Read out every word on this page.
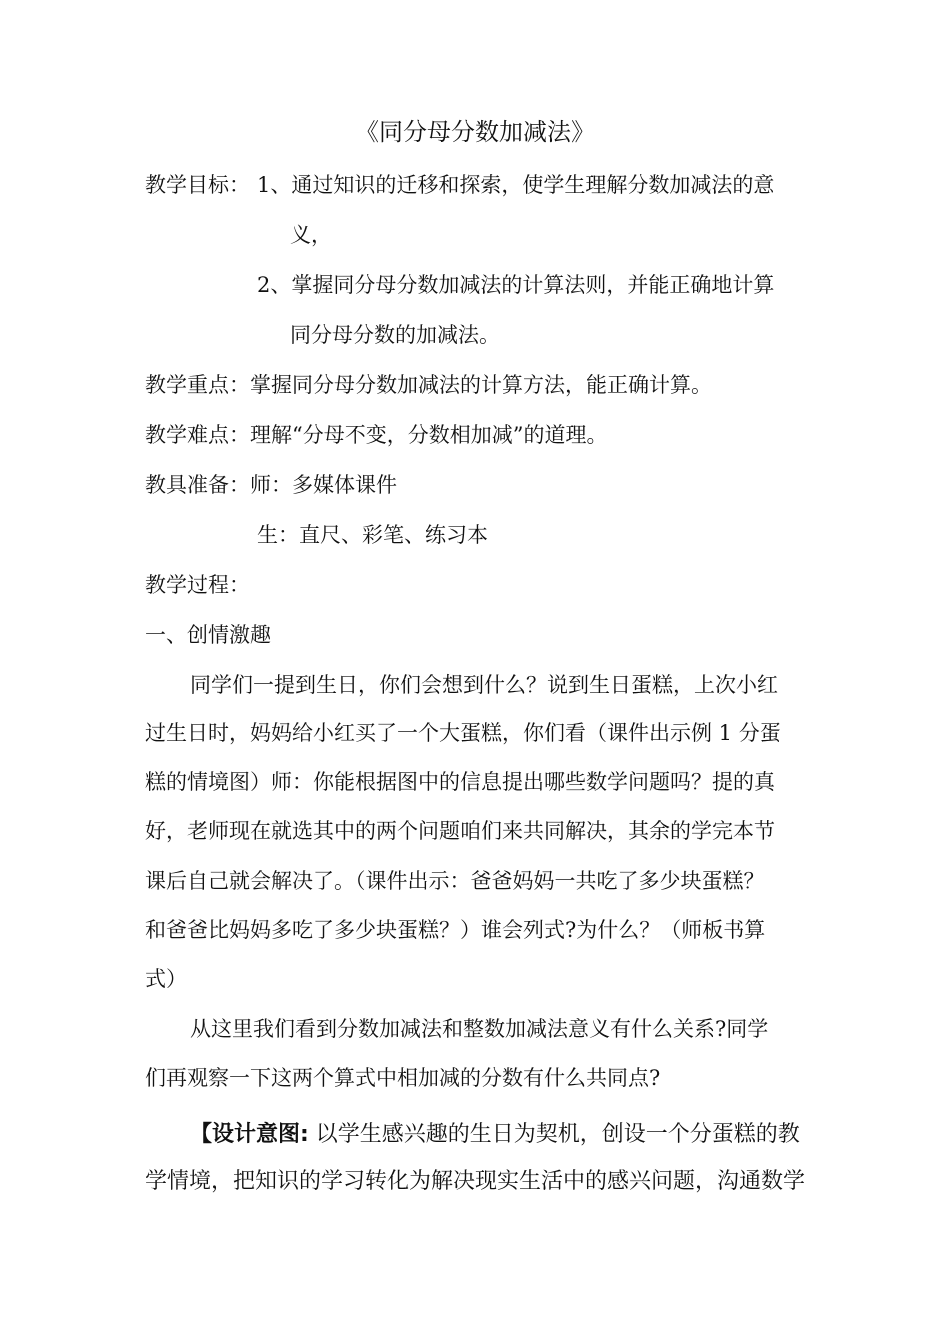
《同分母分数加减法》
教学目标： 1、通过知识的迁移和探索，使学生理解分数加减法的意
义，
2、掌握同分母分数加减法的计算法则，并能正确地计算
同分母分数的加减法。
教学重点：掌握同分母分数加减法的计算方法，能正确计算。
教学难点：理解“分母不变，分数相加减”的道理。
教具准备：师：多媒体课件
生：直尺、彩笔、练习本
教学过程：
一、创情激趣
同学们一提到生日，你们会想到什么？说到生日蛋糕，上次小红
过生日时，妈妈给小红买了一个大蛋糕，你们看（课件出示例 1 分蛋
糕的情境图）师：你能根据图中的信息提出哪些数学问题吗？提的真
好，老师现在就选其中的两个问题咱们来共同解决，其余的学完本节
课后自己就会解决了。（课件出示：爸爸妈妈一共吃了多少块蛋糕？
和爸爸比妈妈多吃了多少块蛋糕？）谁会列式?为什么？（师板书算
式）
从这里我们看到分数加减法和整数加减法意义有什么关系?同学
们再观察一下这两个算式中相加减的分数有什么共同点?
【设计意图: 以学生感兴趣的生日为契机，创设一个分蛋糕的教
学情境，把知识的学习转化为解决现实生活中的感兴问题，沟通数学
